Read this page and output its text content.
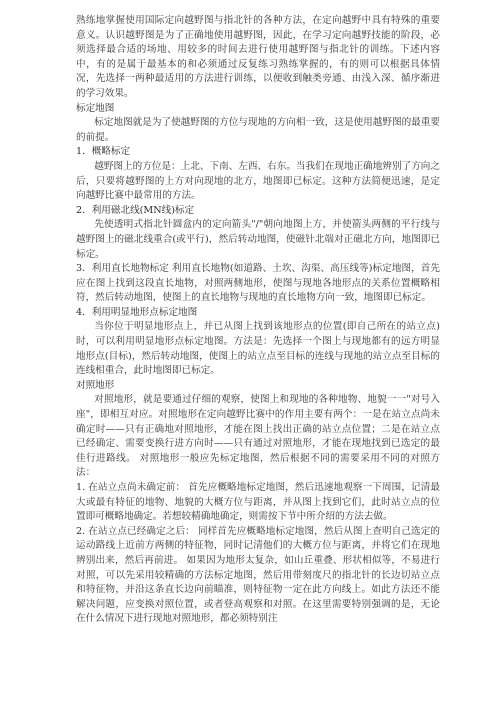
熟练地掌握使用国际定向越野图与指北针的各种方法，在定向越野中具有特殊的重要意义。认识越野图是为了正确地使用越野图，因此，在学习定向越野技能的阶段，必须选择最合适的场地、用较多的时间去进行使用越野图与指北针的训练。下述内容中，有的是属于最基本的和必须通过反复练习熟练掌握的，有的则可以根据具体情况，先选择一两种最适用的方法进行训练，以便收到触类旁通、由浅入深、循序渐进的学习效果。

标定地图

标定地图就是为了使越野图的方位与现地的方向相一致，这是使用越野图的最重要的前提。

1．概略标定

越野图上的方位是：上北、下南、左西、右东。当我们在现地正确地辨别了方向之后，只要将越野图的上方对向现地的北方，地图即已标定。这种方法简便迅速，是定向越野比赛中最常用的方法。

2．利用磁北线(MN线)标定

先使透明式指北针圆盒内的定向箭头"/"朝向地图上方，并使箭头两侧的平行线与越野图上的磁北线重合(或平行)，然后转动地图，使磁针北端对正磁北方向，地图即已标定。

3．利用直长地物标定 利用直长地物(如道路、土坎、沟渠、高压线等)标定地图，首先应在图上找到这段直长地物，对照两侧地形，使图与现地各地形点的关系位置概略相符，然后转动地图，使图上的直长地物与现地的直长地物方向一致，地图即已标定。

4．利用明显地形点标定地图

当你位于明显地形点上，并已从图上找到该地形点的位置(即自己所在的站立点)时，可以利用明显地形点标定地图。方法是：先选择一个图上与现地都有的远方明显地形点(目标)，然后转动地图，使图上的站立点至目标的连线与现地的站立点至目标的连线相重合，此时地图即已标定。

对照地形

对照地形，就是要通过仔细的观察，使图上和现地的各种地物、地貌一一"对号入座"，即相互对应。对照地形在定向越野比赛中的作用主要有两个：一是在站立点尚未确定时——只有正确地对照地形，才能在图上找出正确的站立点位置；二是在站立点已经确定、需要变换行进方向时——只有通过对照地形，才能在现地找到已选定的最佳行进路线。 对照地形一般应先标定地图，然后根据不同的需要采用不同的对照方法：

1. 在站立点尚未确定前： 首先应概略地标定地图，然后迅速地观察一下周围，记清最大或最有特征的地物、地貌的大概方位与距离，并从图上找到它们，此时站立点的位置即可概略地确定。若想较精确地确定，则需按下节中所介绍的方法去做。

2. 在站立点已经确定之后： 同样首先应概略地标定地图，然后从图上查明自己选定的运动路线上近前方两侧的特征物，同时记清他们的大概方位与距离，并将它们在现地辨别出来，然后再前进。 如果因为地形太复杂，如山丘重叠、形状相似等，不易进行对照，可以先采用较精确的方法标定地图，然后用带刻度尺的指北针的长边切站立点和特征物，并沿这条直长边向前瞄准，则特征物一定在此方向线上。如此方法还不能解决问题，应变换对照位置，或者登高观察和对照。在这里需要特别强调的是，无论在什么情况下进行现地对照地形，都必须特别注
